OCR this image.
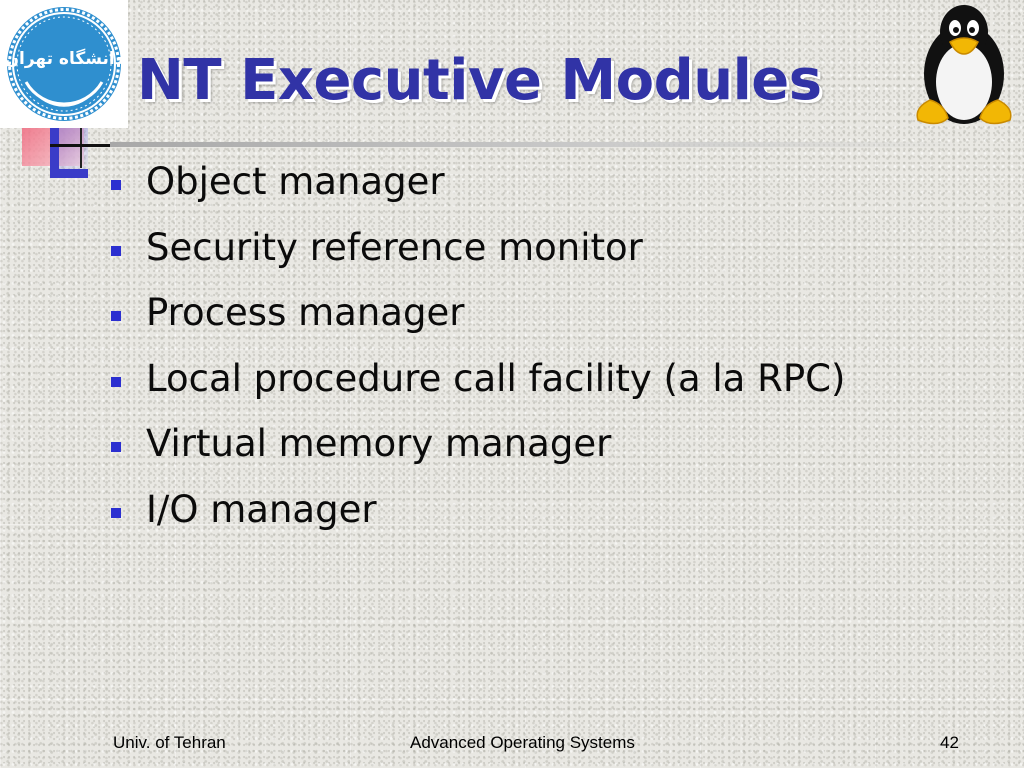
دانشگاه تهران NT Executive Modules
Object manager
Security reference monitor
Process manager
Local procedure call facility (a la RPC)
Virtual memory manager
I/O manager
Univ. of Tehran	Advanced Operating Systems	42
